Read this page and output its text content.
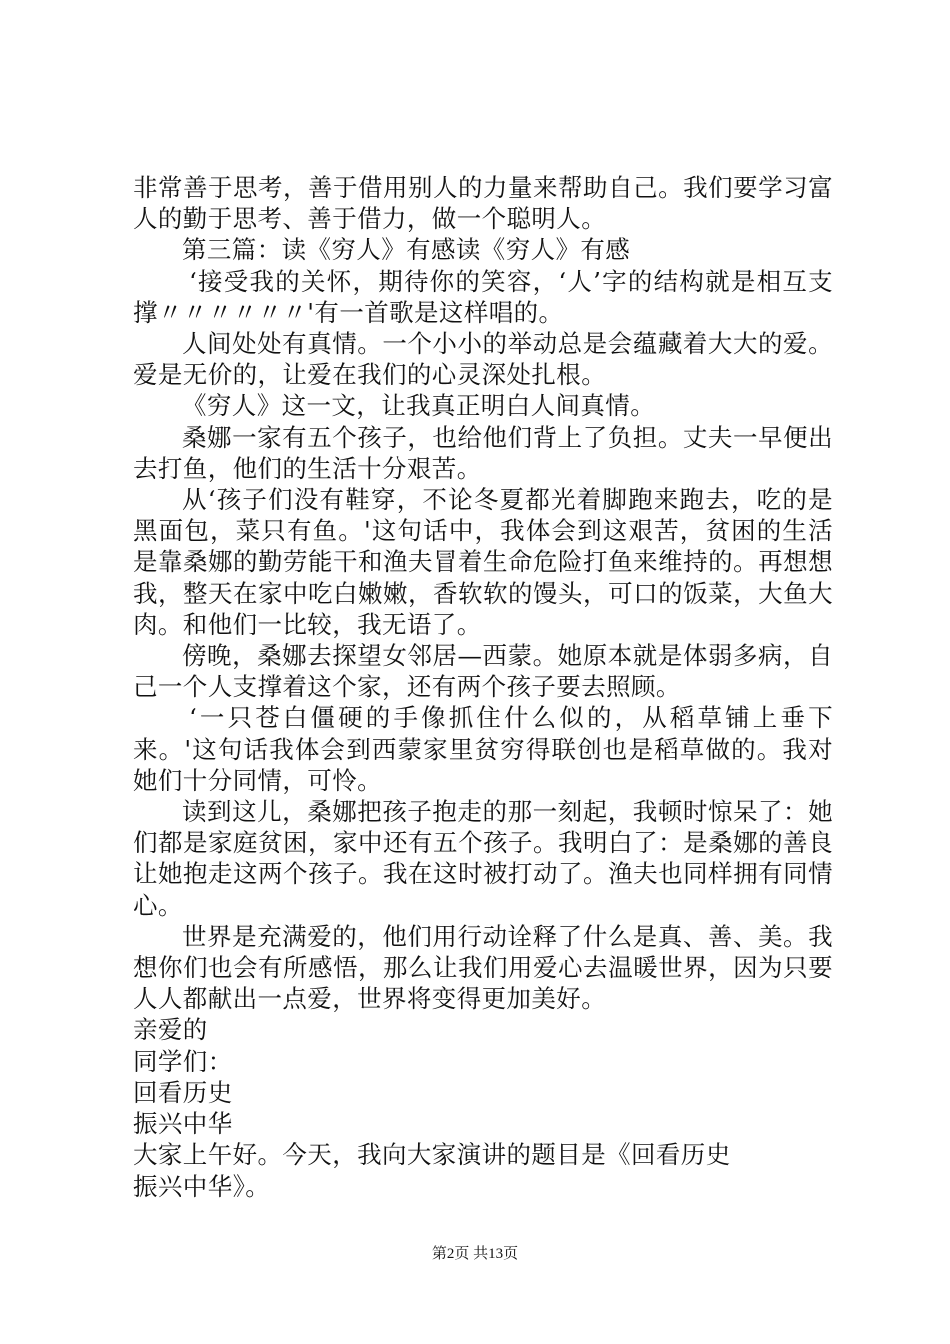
非常善于思考，善于借用别人的力量来帮助自己。我们要学习富人的勤于思考、善于借力，做一个聪明人。

第三篇：读《穷人》有感读《穷人》有感

‘接受我的关怀，期待你的笑容，‘人’字的结构就是相互支撑〃〃〃〃〃〃'有一首歌是这样唱的。

人间处处有真情。一个小小的举动总是会蕴藏着大大的爱。爱是无价的，让爱在我们的心灵深处扎根。

《穷人》这一文，让我真正明白人间真情。

桑娜一家有五个孩子，也给他们背上了负担。丈夫一早便出去打鱼，他们的生活十分艰苦。

从‘孩子们没有鞋穿，不论冬夏都光着脚跑来跑去，吃的是黑面包，菜只有鱼。'这句话中，我体会到这艰苦，贫困的生活是靠桑娜的勤劳能干和渔夫冒着生命危险打鱼来维持的。再想想我，整天在家中吃白嫩嫩，香软软的馒头，可口的饭菜，大鱼大肉。和他们一比较，我无语了。

傍晚，桑娜去探望女邻居—西蒙。她原本就是体弱多病，自己一个人支撑着这个家，还有两个孩子要去照顾。

‘一只苍白僵硬的手像抓住什么似的，从稻草铺上垂下来。'这句话我体会到西蒙家里贫穷得联创也是稻草做的。我对她们十分同情，可怜。

读到这儿，桑娜把孩子抱走的那一刻起，我顿时惊呆了：她们都是家庭贫困，家中还有五个孩子。我明白了：是桑娜的善良让她抱走这两个孩子。我在这时被打动了。渔夫也同样拥有同情心。

世界是充满爱的，他们用行动诠释了什么是真、善、美。我想你们也会有所感悟，那么让我们用爱心去温暖世界，因为只要人人都献出一点爱，世界将变得更加美好。

亲爱的

同学们：

回看历史

振兴中华

大家上午好。今天，我向大家演讲的题目是《回看历史

振兴中华》。

第2页 共13页
